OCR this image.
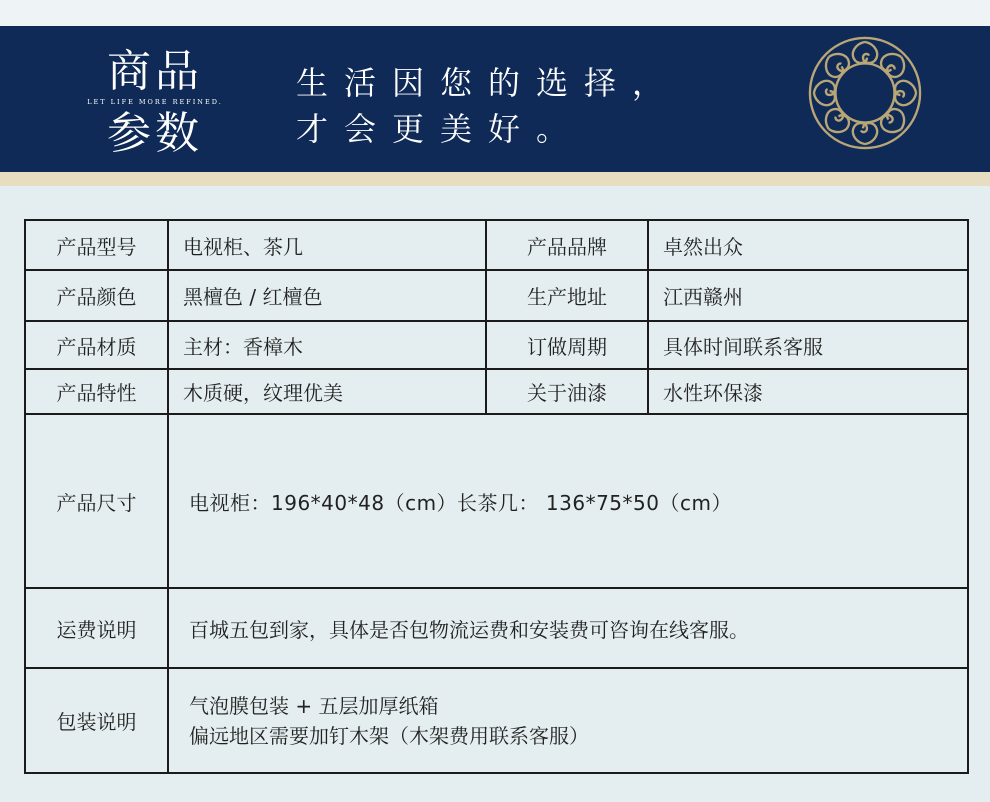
商品
LET LIFE MORE REFINED.
参数
生活因您的选择，
才会更美好。
产品型号	电视柜、茶几	产品品牌	卓然出众
产品颜色	黑檀色 / 红檀色	生产地址	江西赣州
产品材质	主材：香樟木	订做周期	具体时间联系客服
产品特性	木质硬，纹理优美	关于油漆	水性环保漆
产品尺寸	电视柜：196*40*48（cm）长茶几： 136*75*50（cm）		
运费说明	百城五包到家，具体是否包物流运费和安装费可咨询在线客服。		
包装说明	气泡膜包装 + 五层加厚纸箱
偏远地区需要加钉木架（木架费用联系客服）		
